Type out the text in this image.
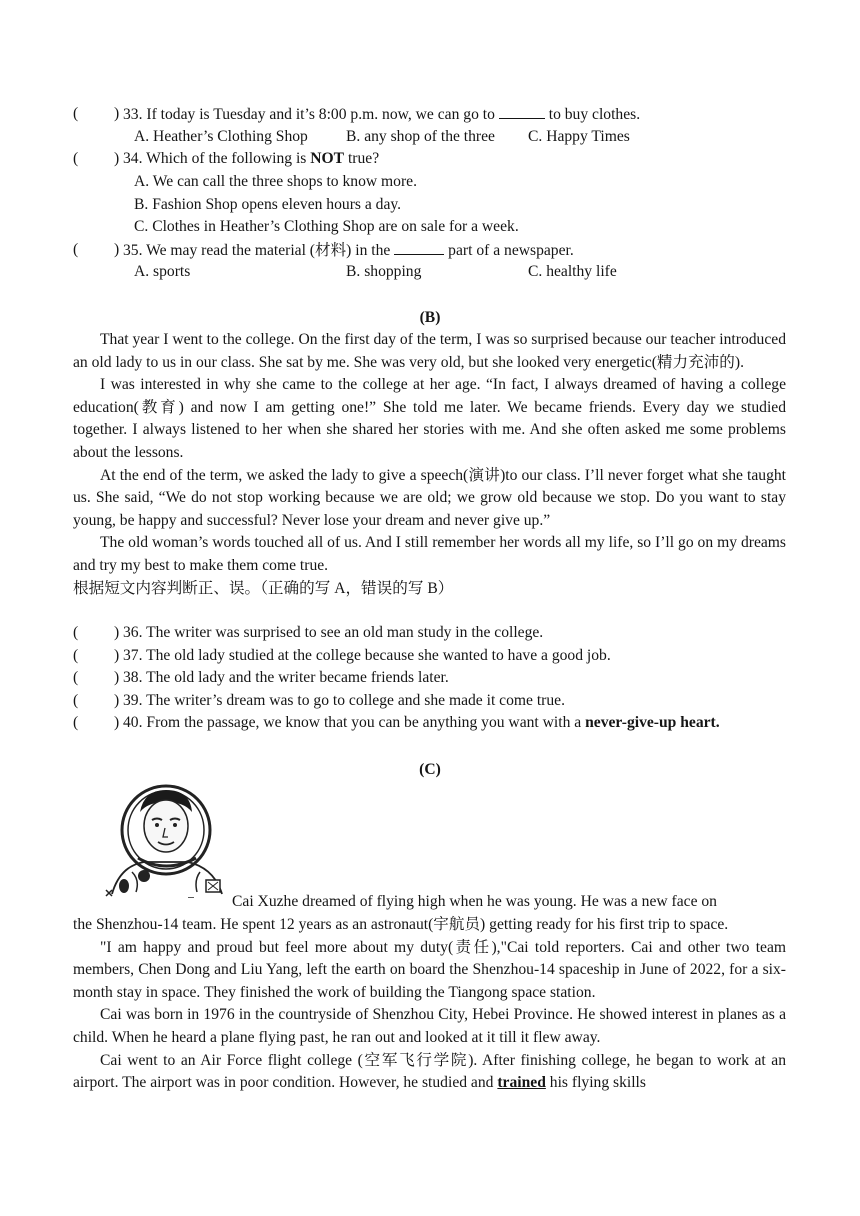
( ) 33. If today is Tuesday and it’s 8:00 p.m. now, we can go to	to buy clothes.
A. Heather’s Clothing Shop B. any shop of the three C. Happy Times
( ) 34. Which of the following is NOT true?
A. We can call the three shops to know more.
B. Fashion Shop opens eleven hours a day.
C. Clothes in Heather’s Clothing Shop are on sale for a week.
( ) 35. We may read the material (材料) in the	part of a newspaper.
A. sports	B. shopping	C. healthy life
(B)

That year I went to the college. On the first day of the term, I was so surprised because our teacher introduced an old lady to us in our class. She sat by me. She was very old, but she looked very energetic(精力充沛的).

I was interested in why she came to the college at her age. “In fact, I always dreamed of having a college education(教育) and now I am getting one!” She told me later. We became friends. Every day we studied together. I always listened to her when she shared her stories with me. And she often asked me some problems about the lessons.

At the end of the term, we asked the lady to give a speech(演讲)to our class. I’ll never forget what she taught us. She said, “We do not stop working because we are old; we grow old because we stop. Do you want to stay young, be happy and successful? Never lose your dream and never give up.”

The old woman’s words touched all of us. And I still remember her words all my life, so I’ll go on my dreams and try my best to make them come true.

根据短文内容判断正、误。（正确的写 A，错误的写 B）

( ) 36. The writer was surprised to see an old man study in the college.
( ) 37. The old lady studied at the college because she wanted to have a good job.
( ) 38. The old lady and the writer became friends later.
( ) 39. The writer’s dream was to go to college and she made it come true.
( ) 40. From the passage, we know that you can be anything you want with a never-give-up heart.
(C)
Cai Xuzhe dreamed of flying high when he was young. He was a new face on

the Shenzhou-14 team. He spent 12 years as an astronaut(宇航员) getting ready for his first trip to space.

"I am happy and proud but feel more about my duty(责任),"Cai told reporters. Cai and other two team members, Chen Dong and Liu Yang, left the earth on board the Shenzhou-14 spaceship in June of 2022, for a six-month stay in space. They finished the work of building the Tiangong space station.

Cai was born in 1976 in the countryside of Shenzhou City, Hebei Province. He showed interest in planes as a child. When he heard a plane flying past, he ran out and looked at it till it flew away.

Cai went to an Air Force flight college (空军飞行学院). After finishing college, he began to work at an airport. The airport was in poor condition. However, he studied and trained his flying skills
